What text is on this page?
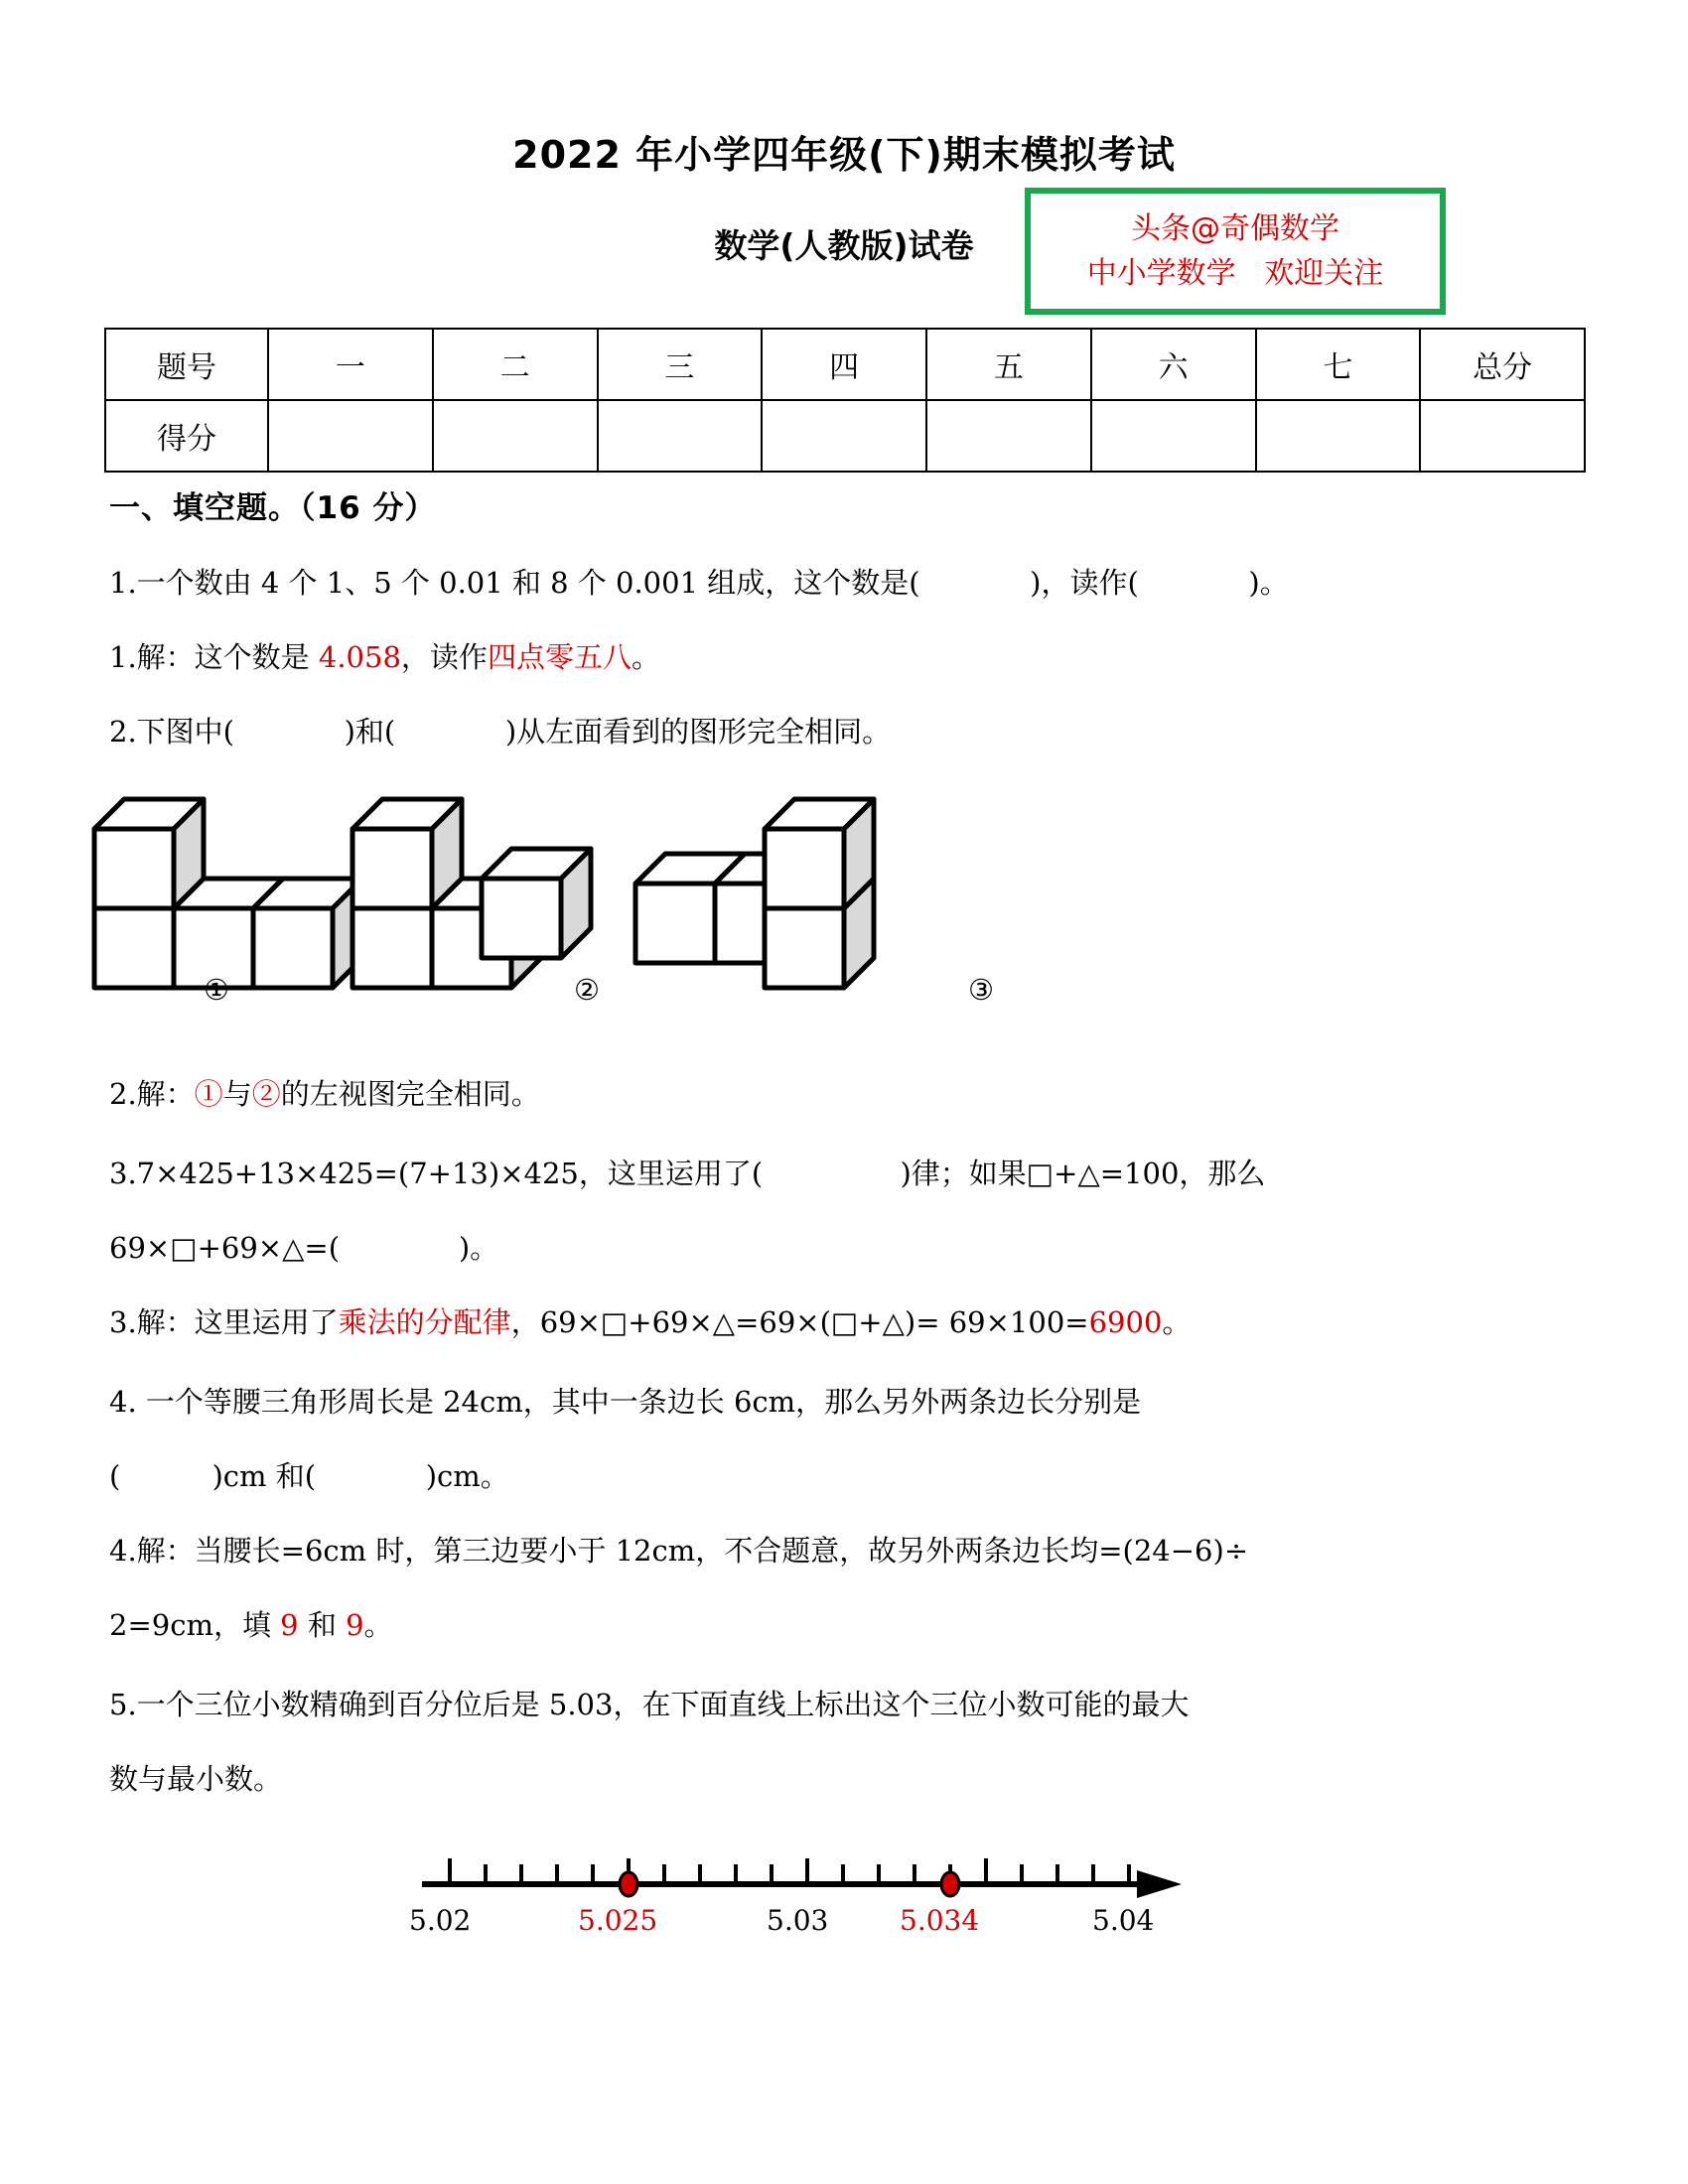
2022 年小学四年级(下)期末模拟考试
数学(人教版)试卷	头条@奇偶数学
中小学数学   欢迎关注
题号	一	二	三	四	五	六	七	总分
得分								
一、填空题。（16 分）
1.一个数由 4 个 1、5 个 0.01 和 8 个 0.001 组成，这个数是(            )，读作(            )。
1.解：这个数是 4.058，读作四点零五八。
2.下图中(            )和(            )从左面看到的图形完全相同。
①	②	③
2.解：①与②的左视图完全相同。
3.7×425+13×425=(7+13)×425，这里运用了(               )律；如果□+△=100，那么
69×□+69×△=(             )。
3.解：这里运用了乘法的分配律，69×□+69×△=69×(□+△)= 69×100=6900。
4. 一个等腰三角形周长是 24cm，其中一条边长 6cm，那么另外两条边长分别是
(          )cm 和(            )cm。
4.解：当腰长=6cm 时，第三边要小于 12cm，不合题意，故另外两条边长均=(24−6)÷
2=9cm，填 9 和 9。
5.一个三位小数精确到百分位后是 5.03，在下面直线上标出这个三位小数可能的最大
数与最小数。
5.02	5.025	5.03	5.034	5.04
